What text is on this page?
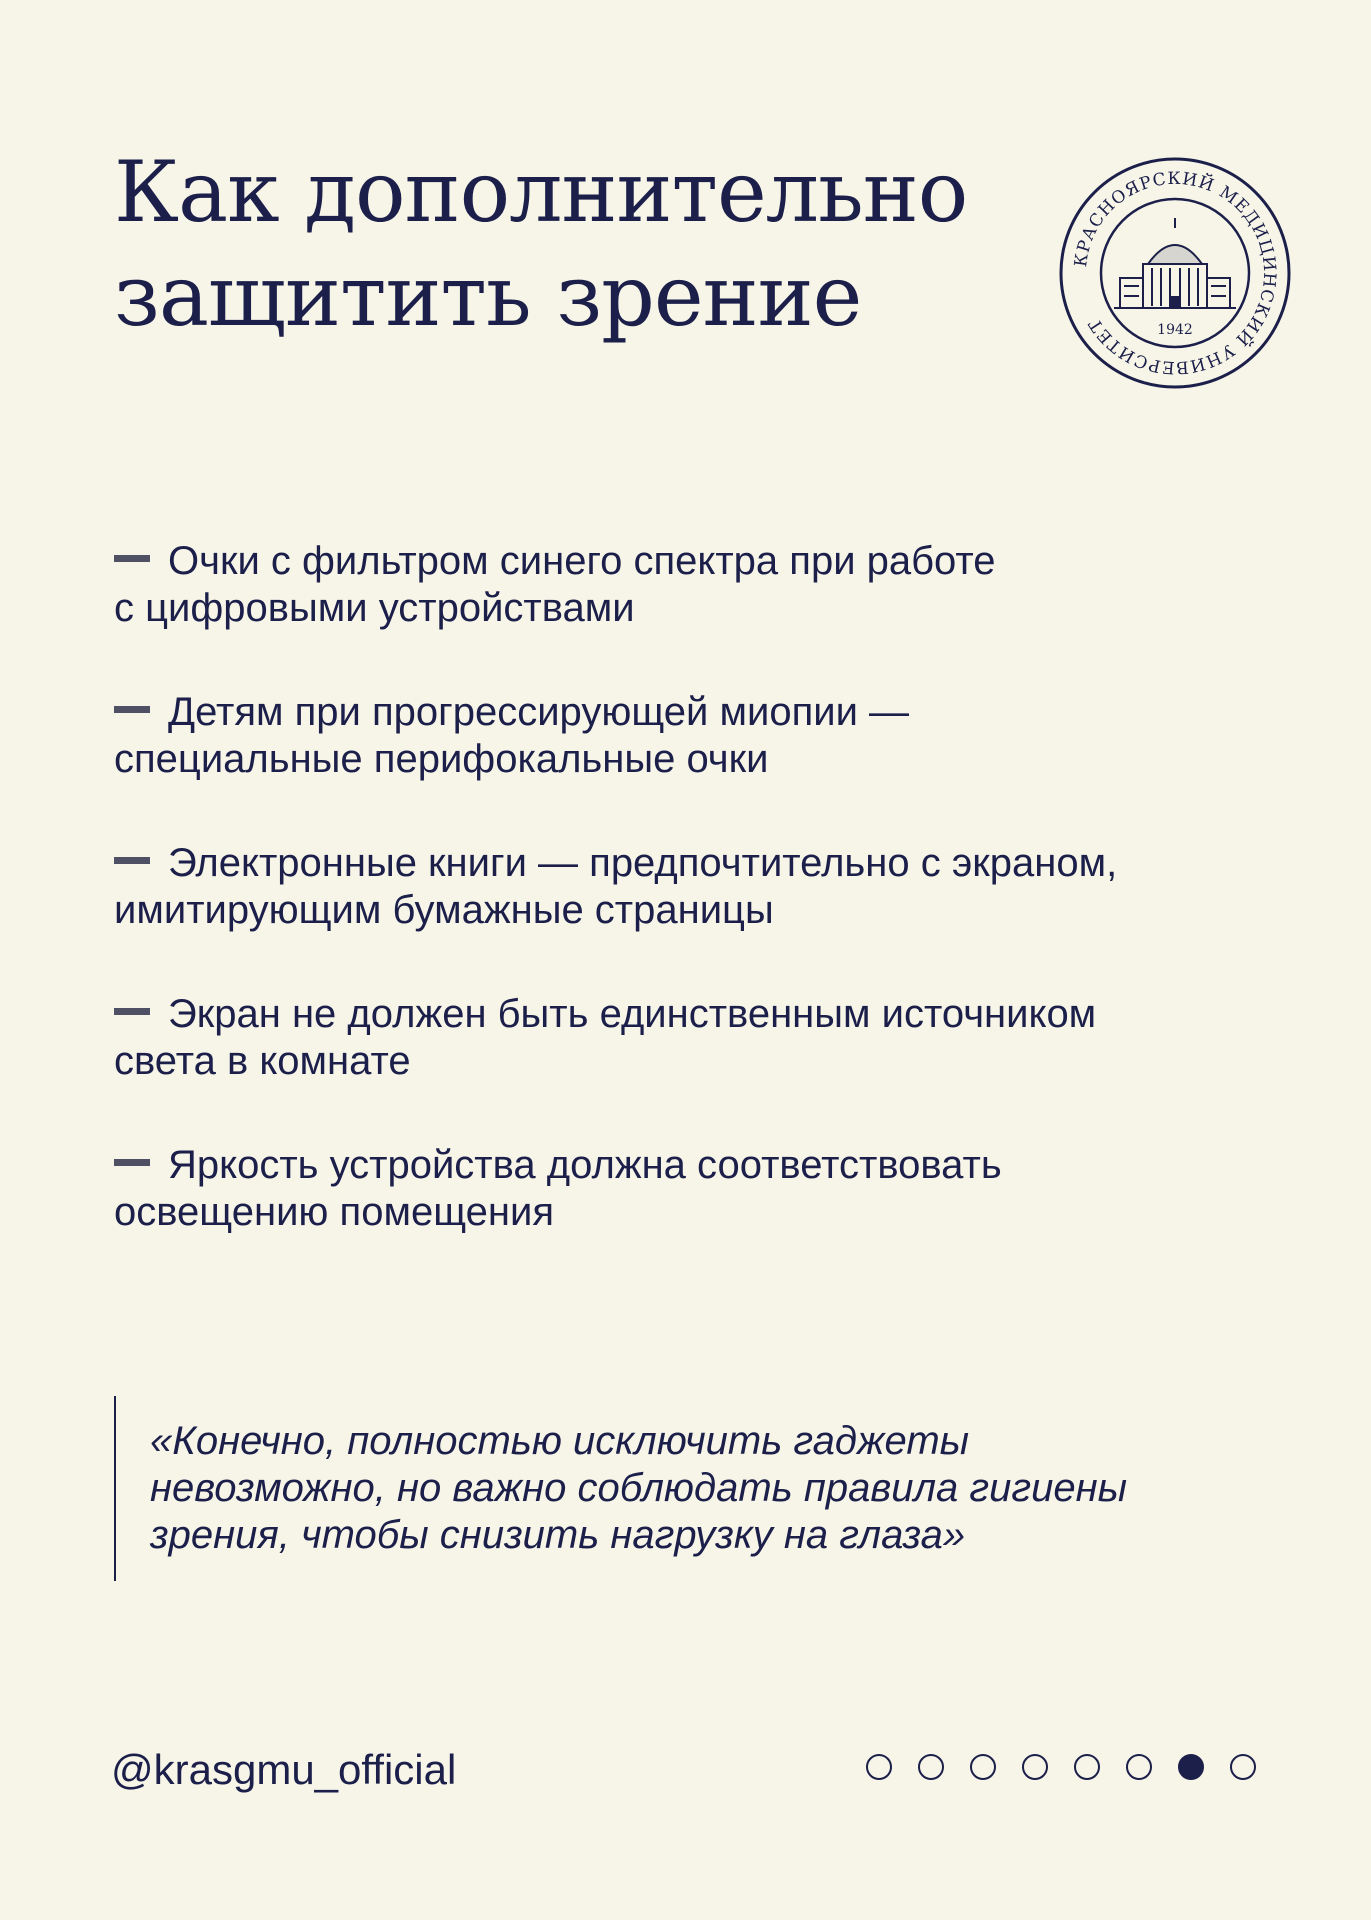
Как дополнительно
защитить зрение	КРАСНОЯРСКИЙ МЕДИЦИНСКИЙ УНИВЕРСИТЕТ	1942
Очки с фильтром синего спектра при работе
с цифровыми устройствами
Детям при прогрессирующей миопии —
специальные перифокальные очки
Электронные книги — предпочтительно с экраном,
имитирующим бумажные страницы
Экран не должен быть единственным источником
света в комнате
Яркость устройства должна соответствовать
освещению помещения

«Конечно, полностью исключить гаджеты
невозможно, но важно соблюдать правила гигиены
зрения, чтобы снизить нагрузку на глаза»

@krasgmu_official
